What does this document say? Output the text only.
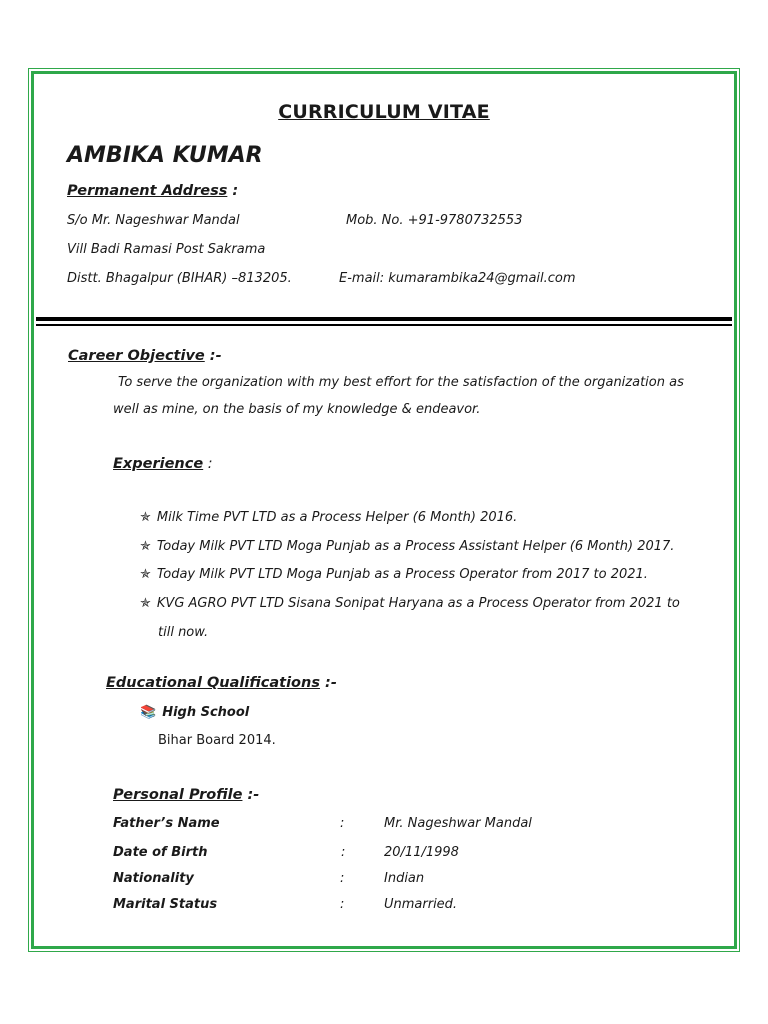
CURRICULUM VITAE
AMBIKA KUMAR
Permanent Address :
S/o Mr. Nageshwar Mandal
Vill Badi Ramasi Post Sakrama
Distt. Bhagalpur (BIHAR) –813205.
Mob. No. +91-9780732553
E-mail: kumarambika24@gmail.com
Career Objective :-
To serve the organization with my best effort for the satisfaction of the organization as
well as mine, on the basis of my knowledge & endeavor.
Experience :
✯ Milk Time PVT LTD as a Process Helper (6 Month) 2016.
✯ Today Milk PVT LTD Moga Punjab as a Process Assistant Helper (6 Month) 2017.
✯ Today Milk PVT LTD Moga Punjab as a Process Operator from 2017 to 2021.
✯ KVG AGRO PVT LTD Sisana Sonipat Haryana as a Process Operator from 2021 to
till now.
Educational Qualifications :-
📚 High School
Bihar Board 2014.
Personal Profile :-
Father’s Name	:	Mr. Nageshwar Mandal
Date of Birth	:	20/11/1998
Nationality	:	Indian
Marital Status	:	Unmarried.
